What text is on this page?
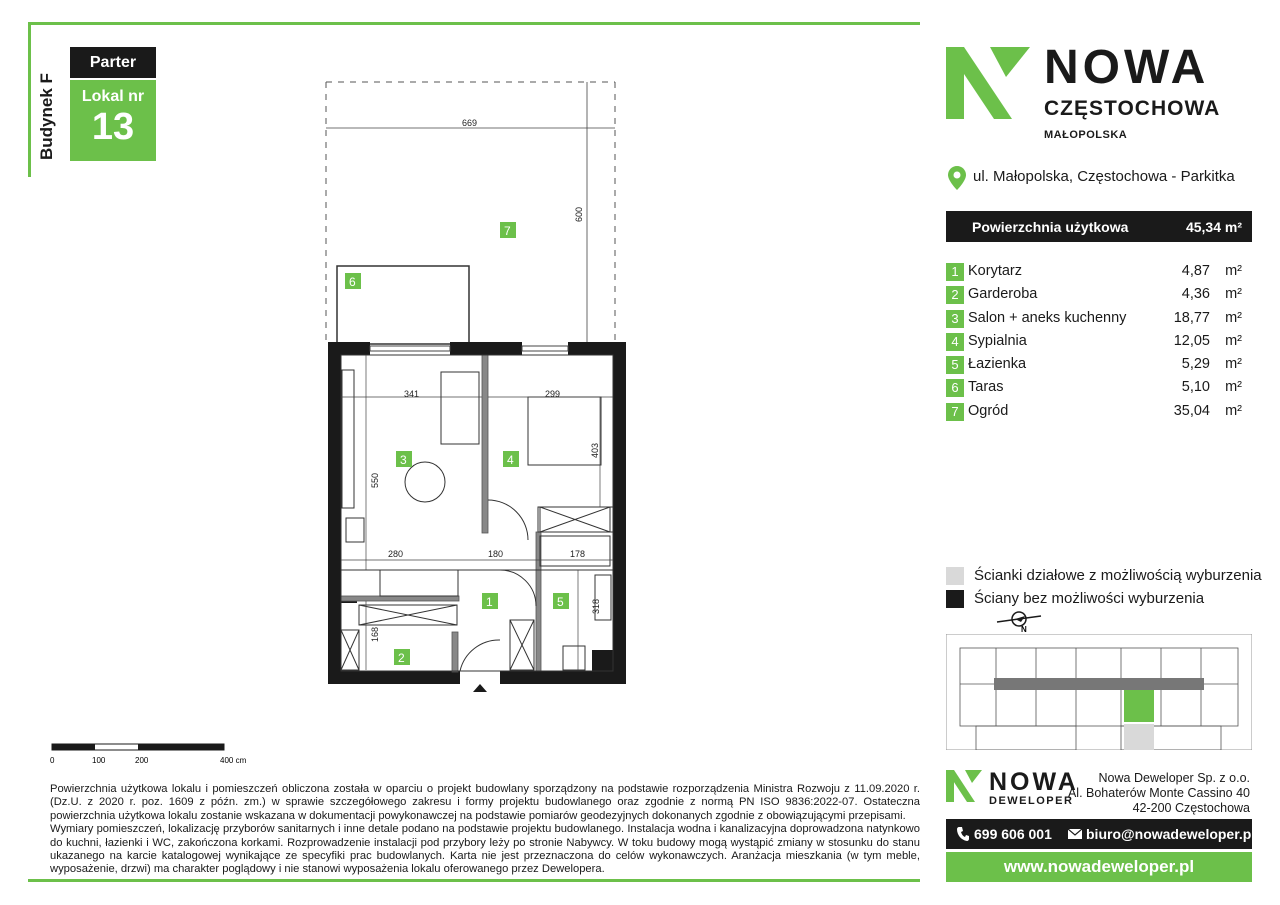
Budynek F
Parter
Lokal nr
13	669
600
341	299
403
550
280	180	178
318
168
7
6
3	4
1	5
2
0	100	200	400 cm

Powierzchnia użytkowa lokalu i pomieszczeń obliczona została w oparciu o projekt budowlany sporządzony na podstawie rozporządzenia Ministra Rozwoju z 11.09.2020 r. (Dz.U. z 2020 r. poz. 1609 z późn. zm.) w sprawie szczegółowego zakresu i formy projektu budowlanego oraz zgodnie z normą PN ISO 9836:2022-07. Ostateczna powierzchnia użytkowa lokalu zostanie wskazana w dokumentacji powykonawczej na podstawie pomiarów geodezyjnych dokonanych zgodnie z obowiązującymi przepisami.

Wymiary pomieszczeń, lokalizację przyborów sanitarnych i inne detale podano na podstawie projektu budowlanego. Instalacja wodna i kanalizacyjna doprowadzona natynkowo do kuchni, łazienki i WC, zakończona korkami. Rozprowadzenie instalacji pod przybory leży po stronie Nabywcy. W toku budowy mogą wystąpić zmiany w stosunku do stanu ukazanego na karcie katalogowej wynikające ze specyfiki prac budowlanych. Karta nie jest przeznaczona do celów wykonawczych. Aranżacja mieszkania (w tym meble, wyposażenie, drzwi) ma charakter poglądowy i nie stanowi wyposażenia lokalu oferowanego przez Dewelopera.

NOWA
CZĘSTOCHOWA
MAŁOPOLSKA
ul. Małopolska, Częstochowa - Parkitka
Powierzchnia użytkowa	45,34 m²
1 Korytarz	4,87 m²
2 Garderoba	4,36 m²
3 Salon + aneks kuchenny	18,77 m²
4 Sypialnia	12,05 m²
5 Łazienka	5,29 m²
6 Taras	5,10 m²
7 Ogród	35,04 m²
Ścianki działowe z możliwością wyburzenia
Ściany bez możliwości wyburzenia
N
NOWA
DEWELOPER
Nowa Deweloper Sp. z o.o.
Al. Bohaterów Monte Cassino 40
42-200 Częstochowa
699 606 001 biuro@nowadeweloper.pl
www.nowadeweloper.pl
